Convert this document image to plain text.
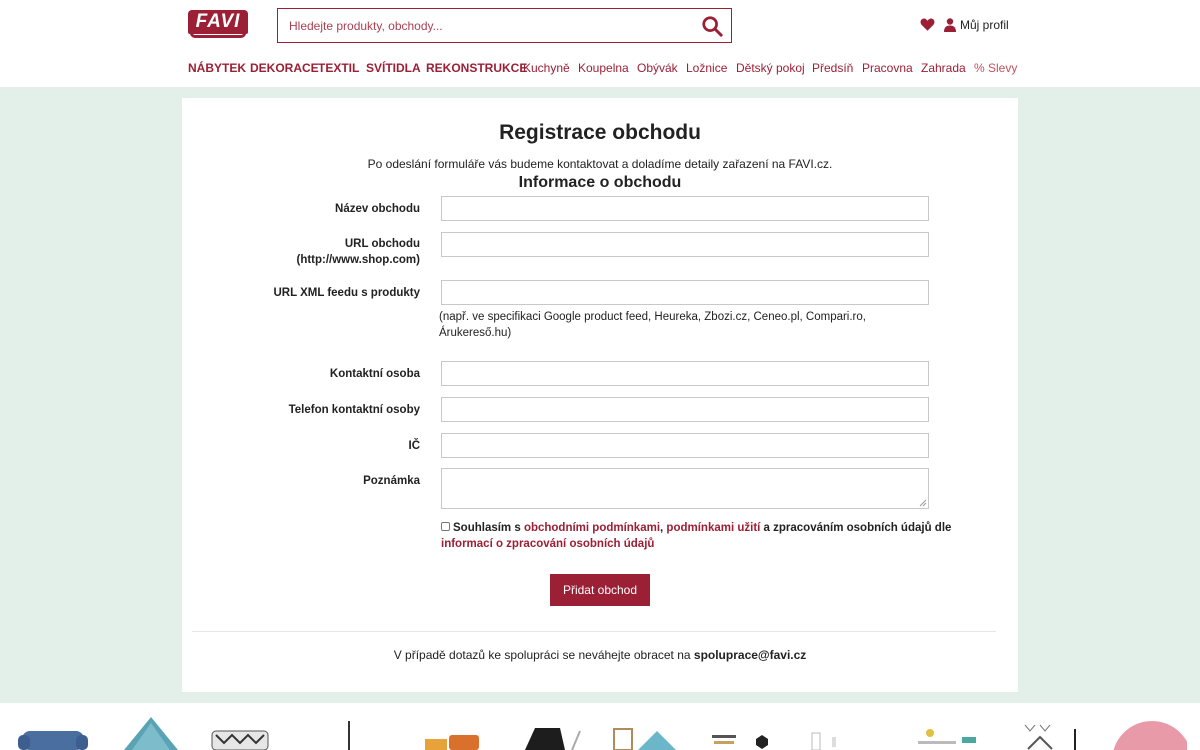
FAVI
Hledejte produkty, obchody...	Můj profil
NÁBYTEK DEKORACE TEXTIL SVÍTIDLA REKONSTRUKCE
Kuchyně Koupelna Obývák Ložnice Dětský pokoj Předsíň Pracovna Zahrada % Slevy
Registrace obchodu

Po odeslání formuláře vás budeme kontaktovat a doladíme detaily zařazení na FAVI.cz.

Informace o obchodu
Název obchodu
URL obchodu
(http://www.shop.com)
URL XML feedu s produkty
(např. ve specifikaci Google product feed, Heureka, Zbozi.cz, Ceneo.pl, Compari.ro, Árukereső.hu)
Kontaktní osoba
Telefon kontaktní osoby
IČ
Poznámka
Souhlasím s obchodními podmínkami, podmínkami užití a zpracováním osobních údajů dle
informací o zpracování osobních údajů
Přidat obchod

V případě dotazů ke spolupráci se neváhejte obracet na spoluprace@favi.cz
